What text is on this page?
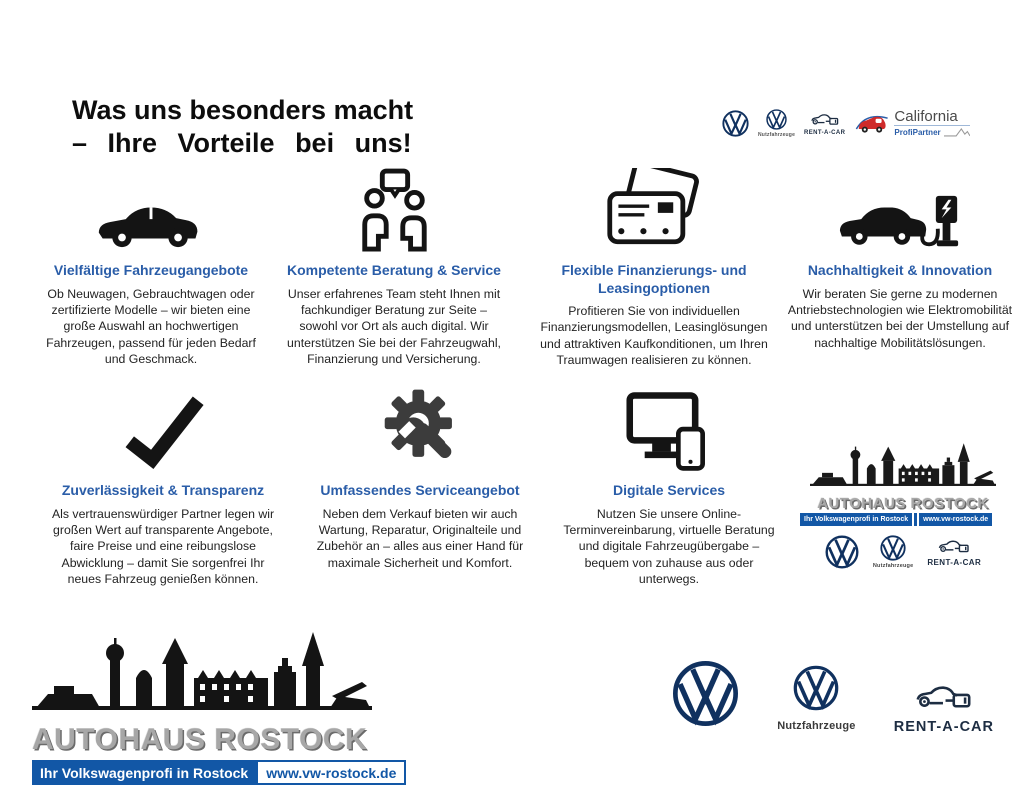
Was uns besonders macht
– Ihre Vorteile bei uns!	Nutzfahrzeuge RENT-A-CAR
California
ProfiPartner
Vielfältige Fahrzeugangebote

Ob Neuwagen, Gebrauchtwagen oder zertifizierte Modelle – wir bieten eine große Auswahl an hochwertigen Fahrzeugen, passend für jeden Bedarf und Geschmack.

Kompetente Beratung & Service

Unser erfahrenes Team steht Ihnen mit fachkundiger Beratung zur Seite – sowohl vor Ort als auch digital. Wir unterstützen Sie bei der Fahrzeugwahl, Finanzierung und Versicherung.

Flexible Finanzierungs- und Leasingoptionen

Profitieren Sie von individuellen Finanzierungsmodellen, Leasinglösungen und attraktiven Kaufkonditionen, um Ihren Traumwagen realisieren zu können.

Nachhaltigkeit & Innovation

Wir beraten Sie gerne zu modernen Antriebstechnologien wie Elektromobilität und unterstützen bei der Umstellung auf nachhaltige Mobilitätslösungen.

Zuverlässigkeit & Transparenz

Als vertrauenswürdiger Partner legen wir großen Wert auf transparente Angebote, faire Preise und eine reibungslose Abwicklung – damit Sie sorgenfrei Ihr neues Fahrzeug genießen können.

Umfassendes Serviceangebot

Neben dem Verkauf bieten wir auch Wartung, Reparatur, Originalteile und Zubehör an – alles aus einer Hand für maximale Sicherheit und Komfort.

Digitale Services

Nutzen Sie unsere Online-Terminvereinbarung, virtuelle Beratung und digitale Fahrzeugübergabe – bequem von zuhause aus oder unterwegs.

AUTOHAUS ROSTOCK
Ihr Volkswagenprofi in Rostock	www.vw-rostock.de
Nutzfahrzeuge RENT-A-CAR
AUTOHAUS ROSTOCK
Ihr Volkswagenprofi in Rostock	www.vw-rostock.de
Nutzfahrzeuge	RENT-A-CAR
